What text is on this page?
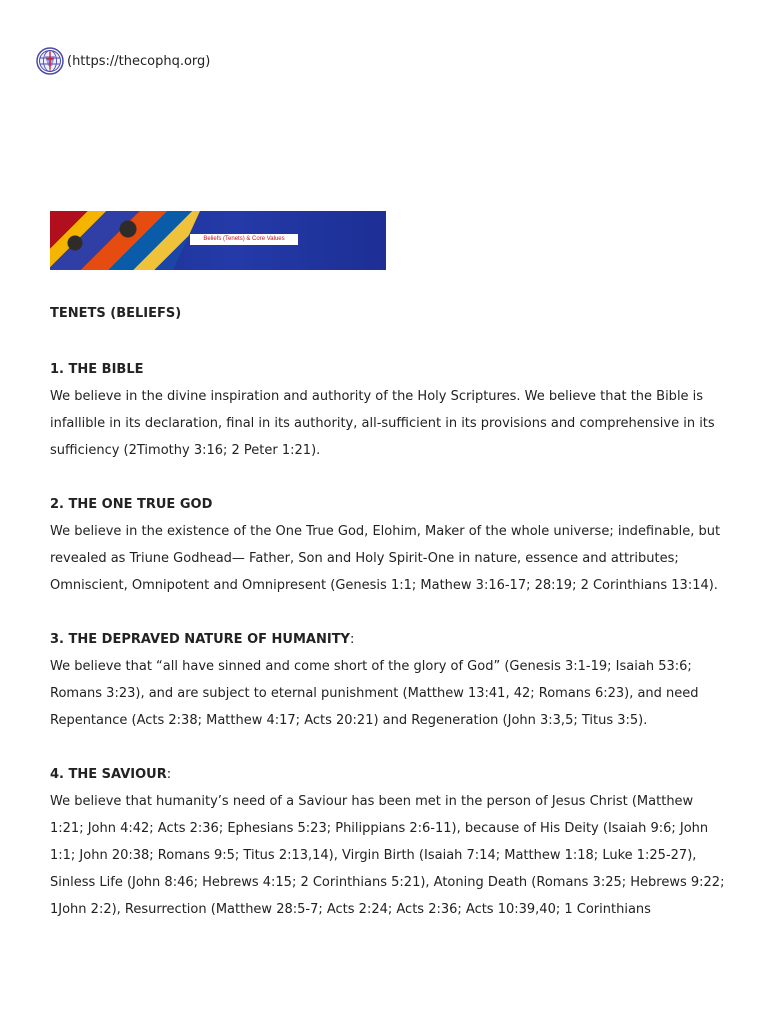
(https://thecophq.org)
Beliefs (Tenets) & Core Values
TENETS (BELIEFS)
1. THE BIBLE

We believe in the divine inspiration and authority of the Holy Scriptures. We believe that the Bible is infallible in its declaration, final in its authority, all-sufficient in its provisions and comprehensive in its sufficiency (2Timothy 3:16; 2 Peter 1:21).

2. THE ONE TRUE GOD

We believe in the existence of the One True God, Elohim, Maker of the whole universe; indefinable, but revealed as Triune Godhead— Father, Son and Holy Spirit-One in nature, essence and attributes; Omniscient, Omnipotent and Omnipresent (Genesis 1:1; Mathew 3:16-17; 28:19; 2 Corinthians 13:14).

3. THE DEPRAVED NATURE OF HUMANITY:

We believe that “all have sinned and come short of the glory of God” (Genesis 3:1-19; Isaiah 53:6; Romans 3:23), and are subject to eternal punishment (Matthew 13:41, 42; Romans 6:23), and need Repentance (Acts 2:38; Matthew 4:17; Acts 20:21) and Regeneration (John 3:3,5; Titus 3:5).

4. THE SAVIOUR:

We believe that humanity’s need of a Saviour has been met in the person of Jesus Christ (Matthew 1:21; John 4:42; Acts 2:36; Ephesians 5:23; Philippians 2:6-11), because of His Deity (Isaiah 9:6; John 1:1; John 20:38; Romans 9:5; Titus 2:13,14), Virgin Birth (Isaiah 7:14; Matthew 1:18; Luke 1:25-27), Sinless Life (John 8:46; Hebrews 4:15; 2 Corinthians 5:21), Atoning Death (Romans 3:25; Hebrews 9:22; 1John 2:2), Resurrection (Matthew 28:5-7; Acts 2:24; Acts 2:36; Acts 10:39,40; 1 Corinthians
